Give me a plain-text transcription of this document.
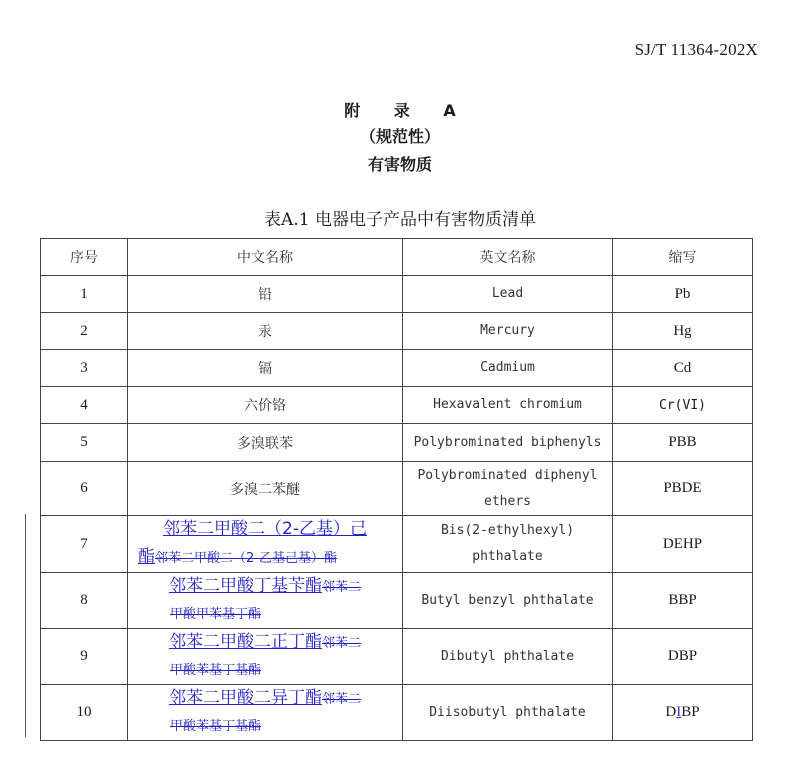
SJ/T 11364-202X
附 录 A
（规范性）
有害物质
表A.1 电器电子产品中有害物质清单
序号	中文名称	英文名称	缩写
1	铅	Lead	Pb
2	汞	Mercury	Hg
3	镉	Cadmium	Cd
4	六价铬	Hexavalent chromium	Cr(VI)
5	多溴联苯	Polybrominated biphenyls	PBB
6	多溴二苯醚	Polybrominated diphenyl
ethers	PBDE
7	邻苯二甲酸二（2-乙基）己
酯邻苯二甲酸二（2-乙基己基）酯	Bis(2-ethylhexyl)
phthalate	DEHP
8	邻苯二甲酸丁基苄酯邻苯二
甲酸甲苯基丁酯	Butyl benzyl phthalate	BBP
9	邻苯二甲酸二正丁酯邻苯二
甲酸苯基丁基酯	Dibutyl phthalate	DBP
10	邻苯二甲酸二异丁酯邻苯二
甲酸苯基丁基酯	Diisobutyl phthalate	DIBP
